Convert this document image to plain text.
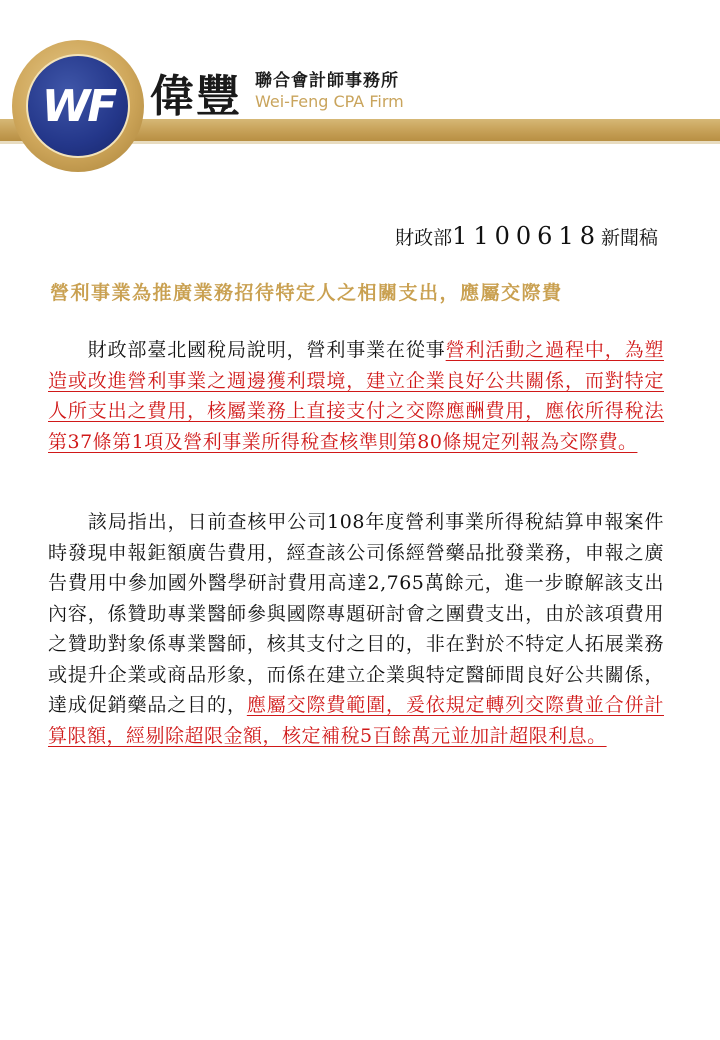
WF 偉豐 聯合會計師事務所
Wei-Feng CPA Firm
財政部1100618新聞稿
營利事業為推廣業務招待特定人之相關支出，應屬交際費
　　財政部臺北國稅局說明，營利事業在從事營利活動之過程中，為塑造或改進營利事業之週邊獲利環境，建立企業良好公共關係，而對特定人所支出之費用，核屬業務上直接支付之交際應酬費用，應依所得稅法第37條第1項及營利事業所得稅查核準則第80條規定列報為交際費。
　　該局指出，日前查核甲公司108年度營利事業所得稅結算申報案件時發現申報鉅額廣告費用，經查該公司係經營藥品批發業務，申報之廣告費用中參加國外醫學研討費用高達2,765萬餘元，進一步瞭解該支出內容，係贊助專業醫師參與國際專題研討會之團費支出，由於該項費用之贊助對象係專業醫師，核其支付之目的，非在對於不特定人拓展業務或提升企業或商品形象，而係在建立企業與特定醫師間良好公共關係，達成促銷藥品之目的，應屬交際費範圍，爰依規定轉列交際費並合併計算限額，經剔除超限金額，核定補稅5百餘萬元並加計超限利息。
